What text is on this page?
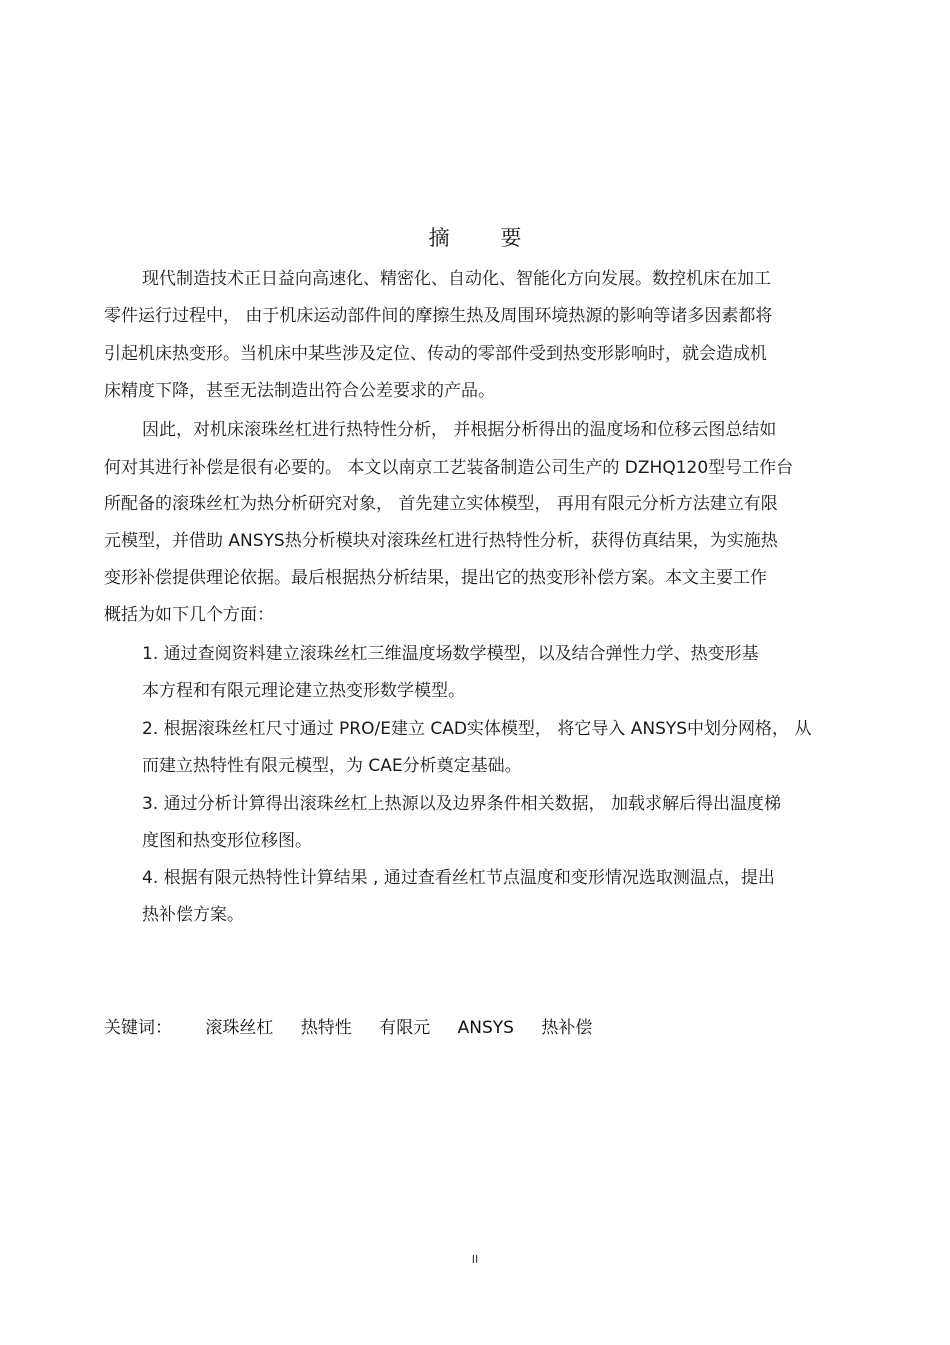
摘 要
现代制造技术正日益向高速化、精密化、自动化、智能化方向发展。数控机床在加工
零件运行过程中， 由于机床运动部件间的摩擦生热及周围环境热源的影响等诸多因素都将
引起机床热变形。当机床中某些涉及定位、传动的零部件受到热变形影响时，就会造成机
床精度下降，甚至无法制造出符合公差要求的产品。
因此，对机床滚珠丝杠进行热特性分析， 并根据分析得出的温度场和位移云图总结如
何对其进行补偿是很有必要的。 本文以南京工艺装备制造公司生产的 DZHQ120型号工作台
所配备的滚珠丝杠为热分析研究对象， 首先建立实体模型， 再用有限元分析方法建立有限
元模型，并借助 ANSYS热分析模块对滚珠丝杠进行热特性分析，获得仿真结果，为实施热
变形补偿提供理论依据。最后根据热分析结果，提出它的热变形补偿方案。本文主要工作
概括为如下几个方面：
1. 通过查阅资料建立滚珠丝杠三维温度场数学模型，以及结合弹性力学、热变形基
本方程和有限元理论建立热变形数学模型。
2. 根据滚珠丝杠尺寸通过 PRO/E建立 CAD实体模型， 将它导入 ANSYS中划分网格， 从
而建立热特性有限元模型，为 CAE分析奠定基础。
3. 通过分析计算得出滚珠丝杠上热源以及边界条件相关数据， 加载求解后得出温度梯
度图和热变形位移图。
4. 根据有限元热特性计算结果 , 通过查看丝杠节点温度和变形情况选取测温点，提出
热补偿方案。
关键词： 滚珠丝杠 热特性 有限元 ANSYS 热补偿
II
